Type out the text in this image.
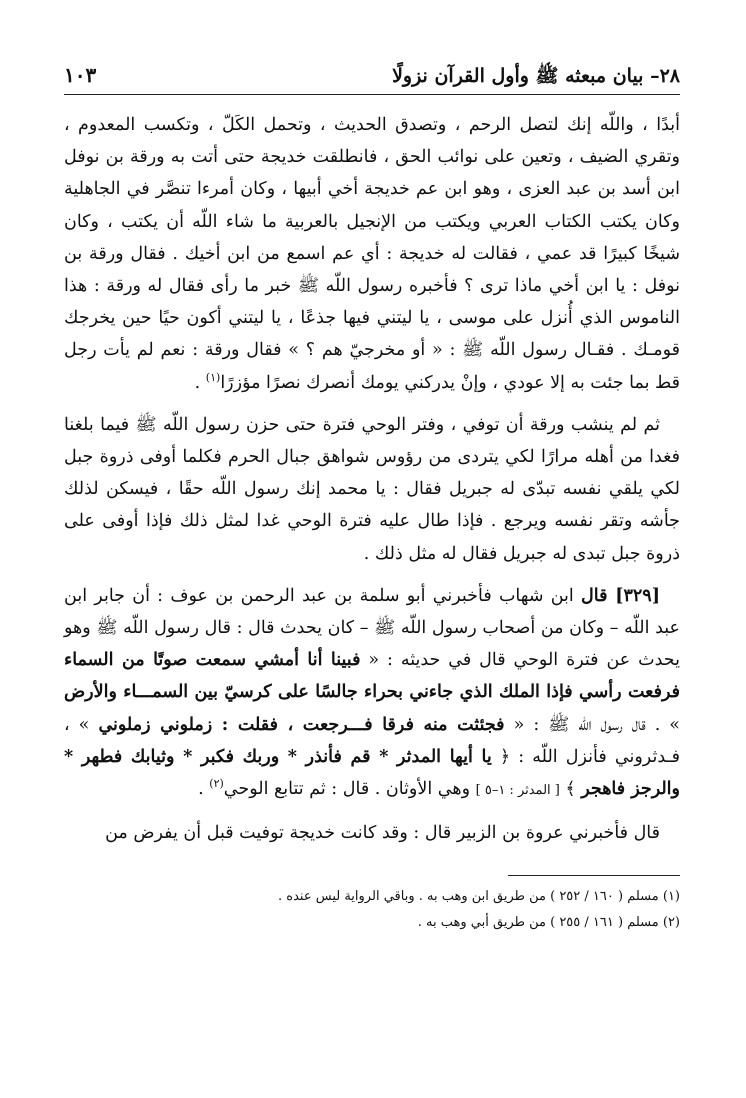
٢٨– بيان مبعثه ﷺ وأول القرآن نزولًا
١٠٣

أبدًا ، واللّه إنك لتصل الرحم ، وتصدق الحديث ، وتحمل الكَلّ ، وتكسب المعدوم ، وتقري الضيف ، وتعين على نوائب الحق ، فانطلقت خديجة حتى أتت به ورقة بن نوفل ابن أسد بن عبد العزى ، وهو ابن عم خديجة أخي أبيها ، وكان أمرءا تنصَّر في الجاهلية وكان يكتب الكتاب العربي ويكتب من الإنجيل بالعربية ما شاء اللّه أن يكتب ، وكان شيخًا كبيرًا قد عمي ، فقالت له خديجة : أي عم اسمع من ابن أخيك . فقال ورقة بن نوفل : يا ابن أخي ماذا ترى ؟ فأخبره رسول اللّه ﷺ خبر ما رأى فقال له ورقة : هذا الناموس الذي أُنزل على موسى ، يا ليتني فيها جذعًا ، يا ليتني أكون حيًا حين يخرجك قومـك . فقـال رسول اللّه ﷺ : « أو مخرجيّ هم ؟ » فقال ورقة : نعم لم يأت رجل قط بما جئت به إلا عودي ، وإنْ يدركني يومك أنصرك نصرًا مؤزرًا$^{(١)}$ .

ثم لم ينشب ورقة أن توفي ، وفتر الوحي فترة حتى حزن رسول اللّه ﷺ فيما بلغنا فغدا من أهله مرارًا لكي يتردى من رؤوس شواهق جبال الحرم فكلما أوفى ذروة جبل لكي يلقي نفسه تبدّى له جبريل فقال : يا محمد إنك رسول اللّه حقًا ، فيسكن لذلك جأشه وتقر نفسه ويرجع . فإذا طال عليه فترة الوحي غدا لمثل ذلك فإذا أوفى على ذروة جبل تبدى له جبريل فقال له مثل ذلك .

[٣٢٩] قال ابن شهاب فأخبرني أبو سلمة بن عبد الرحمن بن عوف : أن جابر ابن عبد اللّه – وكان من أصحاب رسول اللّه ﷺ – كان يحدث قال : قال رسول اللّه ﷺ وهو يحدث عن فترة الوحي قال في حديثه : « فبينا أنا أمشي سمعت صوتًا من السماء فرفعت رأسي فإذا الملك الذي جاءني بحراء جالسًا على كرسيّ بين السمـــاء والأرض » . قال رسول اللّه ﷺ : « فجئثت منه فرقا فـــرجعت ، فقلت : زملوني زملوني » ، فـدثروني فأنزل اللّه : ﴿ يا أيها المدثر * قم فأنذر * وربك فكبر * وثيابك فطهر * والرجز فاهجر ﴾ [ المدثر : ١–٥ ] وهي الأوثان . قال : ثم تتابع الوحي$^{(٢)}$ .

قال فأخبرني عروة بن الزبير قال : وقد كانت خديجة توفيت قبل أن يفرض من

(١) مسلم ( ١٦٠ / ٢٥٢ ) من طريق ابن وهب به . وباقي الرواية ليس عنده .

(٢) مسلم ( ١٦١ / ٢٥٥ ) من طريق أبي وهب به .
